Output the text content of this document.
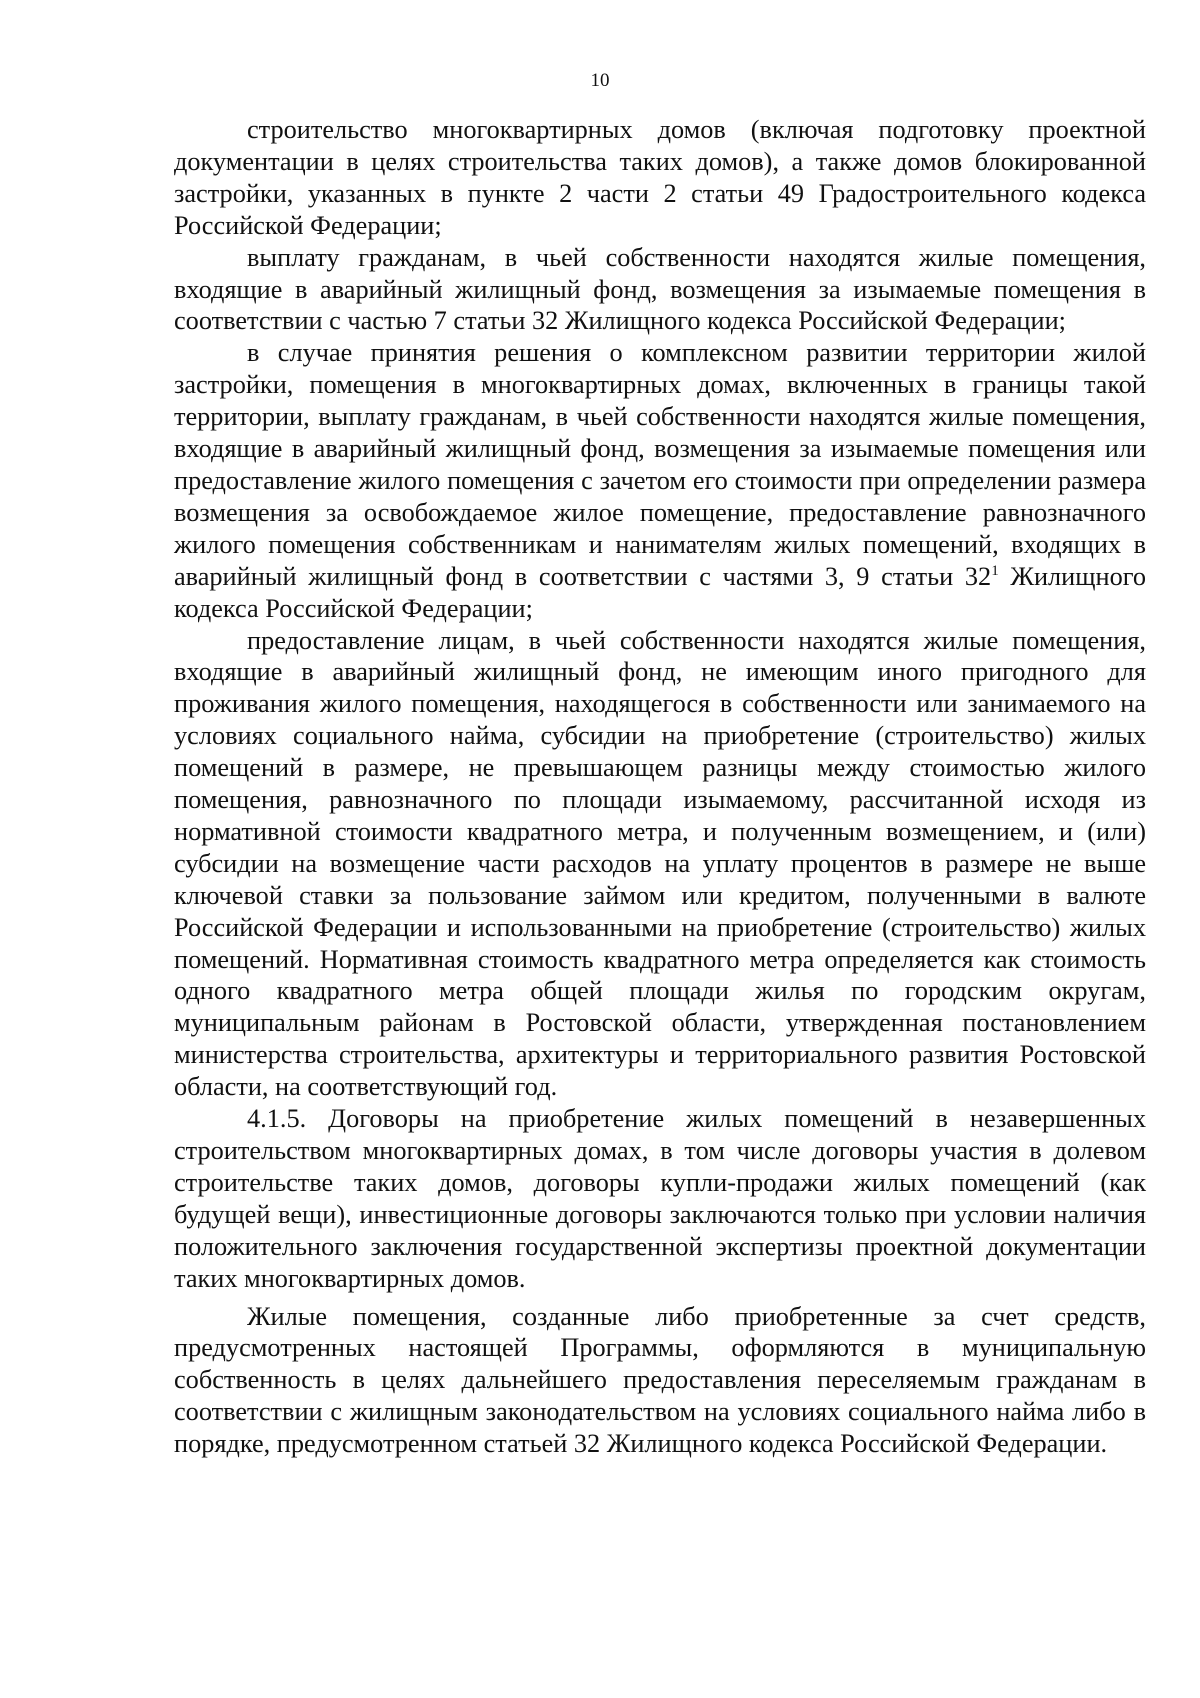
10

строительство многоквартирных домов (включая подготовку проектной документации в целях строительства таких домов), а также домов блокированной застройки, указанных в пункте 2 части 2 статьи 49 Градостроительного кодекса Российской Федерации;

выплату гражданам, в чьей собственности находятся жилые помещения, входящие в аварийный жилищный фонд, возмещения за изымаемые помещения в соответствии с частью 7 статьи 32 Жилищного кодекса Российской Федерации;

в случае принятия решения о комплексном развитии территории жилой застройки, помещения в многоквартирных домах, включенных в границы такой территории, выплату гражданам, в чьей собственности находятся жилые помещения, входящие в аварийный жилищный фонд, возмещения за изымаемые помещения или предоставление жилого помещения с зачетом его стоимости при определении размера возмещения за освобождаемое жилое помещение, предоставление равнозначного жилого помещения собственникам и нанимателям жилых помещений, входящих в аварийный жилищный фонд в соответствии с частями 3, 9 статьи $32^1$ Жилищного кодекса Российской Федерации;

предоставление лицам, в чьей собственности находятся жилые помещения, входящие в аварийный жилищный фонд, не имеющим иного пригодного для проживания жилого помещения, находящегося в собственности или занимаемого на условиях социального найма, субсидии на приобретение (строительство) жилых помещений в размере, не превышающем разницы между стоимостью жилого помещения, равнозначного по площади изымаемому, рассчитанной исходя из нормативной стоимости квадратного метра, и полученным возмещением, и (или) субсидии на возмещение части расходов на уплату процентов в размере не выше ключевой ставки за пользование займом или кредитом, полученными в валюте Российской Федерации и использованными на приобретение (строительство) жилых помещений. Нормативная стоимость квадратного метра определяется как стоимость одного квадратного метра общей площади жилья по городским округам, муниципальным районам в Ростовской области, утвержденная постановлением министерства строительства, архитектуры и территориального развития Ростовской области, на соответствующий год.

4.1.5. Договоры на приобретение жилых помещений в незавершенных строительством многоквартирных домах, в том числе договоры участия в долевом строительстве таких домов, договоры купли-продажи жилых помещений (как будущей вещи), инвестиционные договоры заключаются только при условии наличия положительного заключения государственной экспертизы проектной документации таких многоквартирных домов.

Жилые помещения, созданные либо приобретенные за счет средств, предусмотренных настоящей Программы, оформляются в муниципальную собственность в целях дальнейшего предоставления переселяемым гражданам в соответствии с жилищным законодательством на условиях социального найма либо в порядке, предусмотренном статьей 32 Жилищного кодекса Российской Федерации.
